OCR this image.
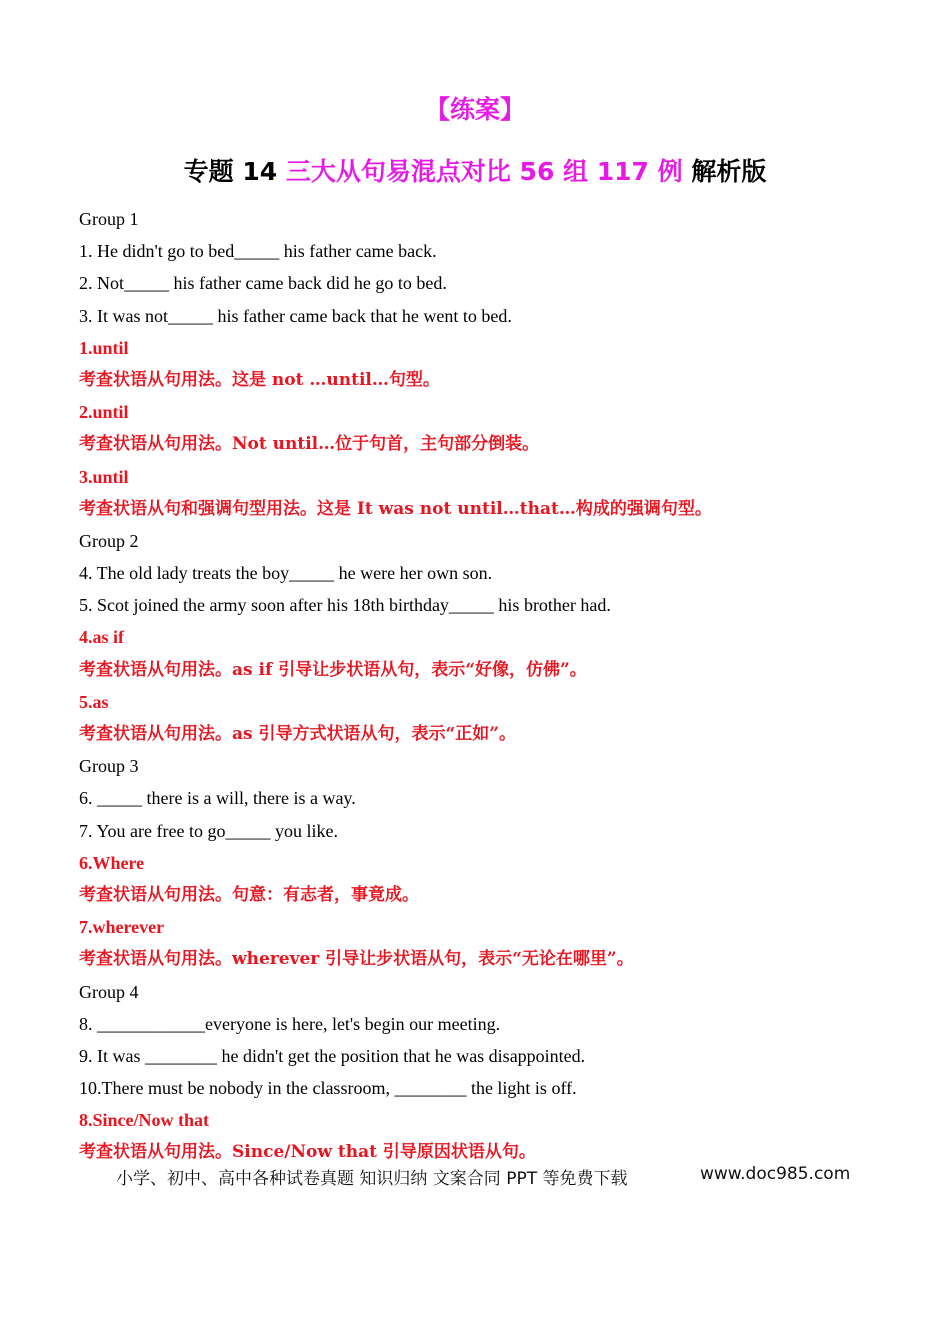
【练案】
专题 14 三大从句易混点对比 56 组 117 例 解析版
Group 1
1. He didn't go to bed_____ his father came back.
2. Not_____ his father came back did he go to bed.
3. It was not_____ his father came back that he went to bed.
1.until
考查状语从句用法。这是 not …until…句型。
2.until
考查状语从句用法。Not until…位于句首，主句部分倒装。
3.until
考查状语从句和强调句型用法。这是 It was not until…that…构成的强调句型。
Group 2
4. The old lady treats the boy_____ he were her own son.
5. Scot joined the army soon after his 18th birthday_____ his brother had.
4.as if
考查状语从句用法。as if 引导让步状语从句，表示“好像，仿佛”。
5.as
考查状语从句用法。as 引导方式状语从句，表示“正如”。
Group 3
6. _____ there is a will, there is a way.
7. You are free to go_____ you like.
6.Where
考查状语从句用法。句意：有志者，事竟成。
7.wherever
考查状语从句用法。wherever 引导让步状语从句，表示“无论在哪里”。
Group 4
8. ____________everyone is here, let's begin our meeting.
9. It was ________ he didn't get the position that he was disappointed.
10.There must be nobody in the classroom, ________ the light is off.
8.Since/Now that
考查状语从句用法。Since/Now that 引导原因状语从句。
小学、初中、高中各种试卷真题 知识归纳 文案合同 PPT 等免费下载	www.doc985.com
